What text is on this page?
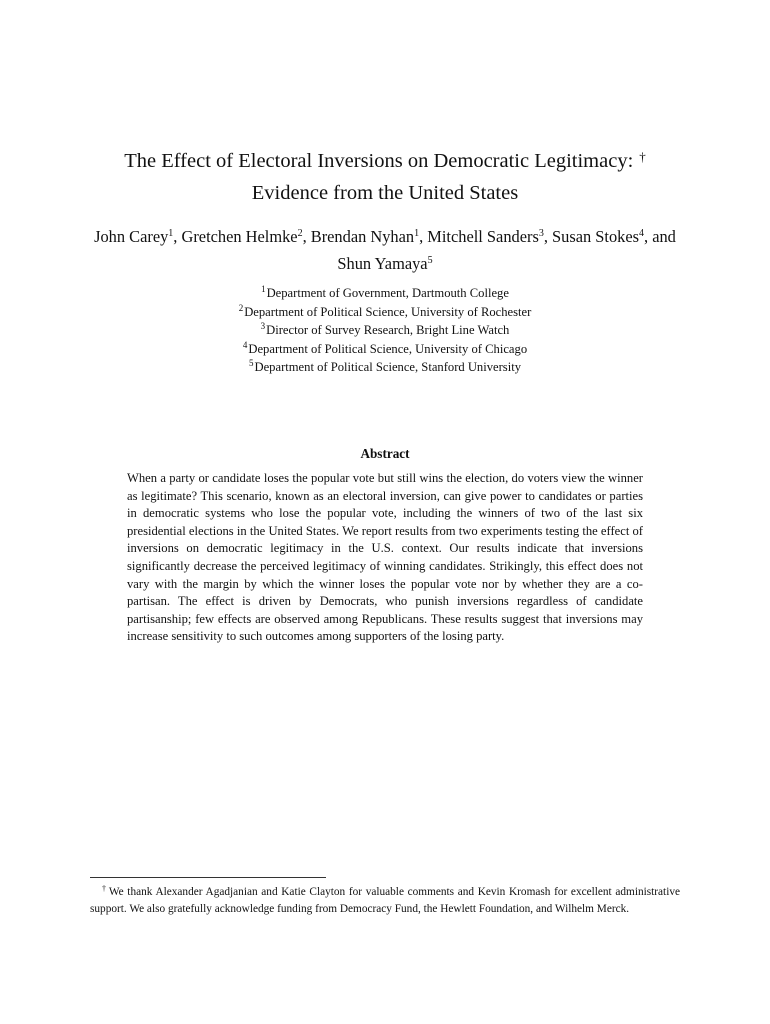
The Effect of Electoral Inversions on Democratic Legitimacy: †
Evidence from the United States
John Carey$^1$, Gretchen Helmke$^2$, Brendan Nyhan$^1$, Mitchell Sanders$^3$, Susan Stokes$^4$, and Shun Yamaya$^5$
$^1$Department of Government, Dartmouth College
$^2$Department of Political Science, University of Rochester
$^3$Director of Survey Research, Bright Line Watch
$^4$Department of Political Science, University of Chicago
$^5$Department of Political Science, Stanford University
Abstract
When a party or candidate loses the popular vote but still wins the election, do voters view the winner as legitimate? This scenario, known as an electoral inversion, can give power to candidates or parties in democratic systems who lose the popular vote, including the winners of two of the last six presidential elections in the United States. We report results from two experiments testing the effect of inversions on democratic legitimacy in the U.S. context. Our results indicate that inversions significantly decrease the perceived legitimacy of winning candidates. Strikingly, this effect does not vary with the margin by which the winner loses the popular vote nor by whether they are a co-partisan. The effect is driven by Democrats, who punish inversions regardless of candidate partisanship; few effects are observed among Republicans. These results suggest that inversions may increase sensitivity to such outcomes among supporters of the losing party.
† We thank Alexander Agadjanian and Katie Clayton for valuable comments and Kevin Kromash for excellent administrative support. We also gratefully acknowledge funding from Democracy Fund, the Hewlett Foundation, and Wilhelm Merck.
